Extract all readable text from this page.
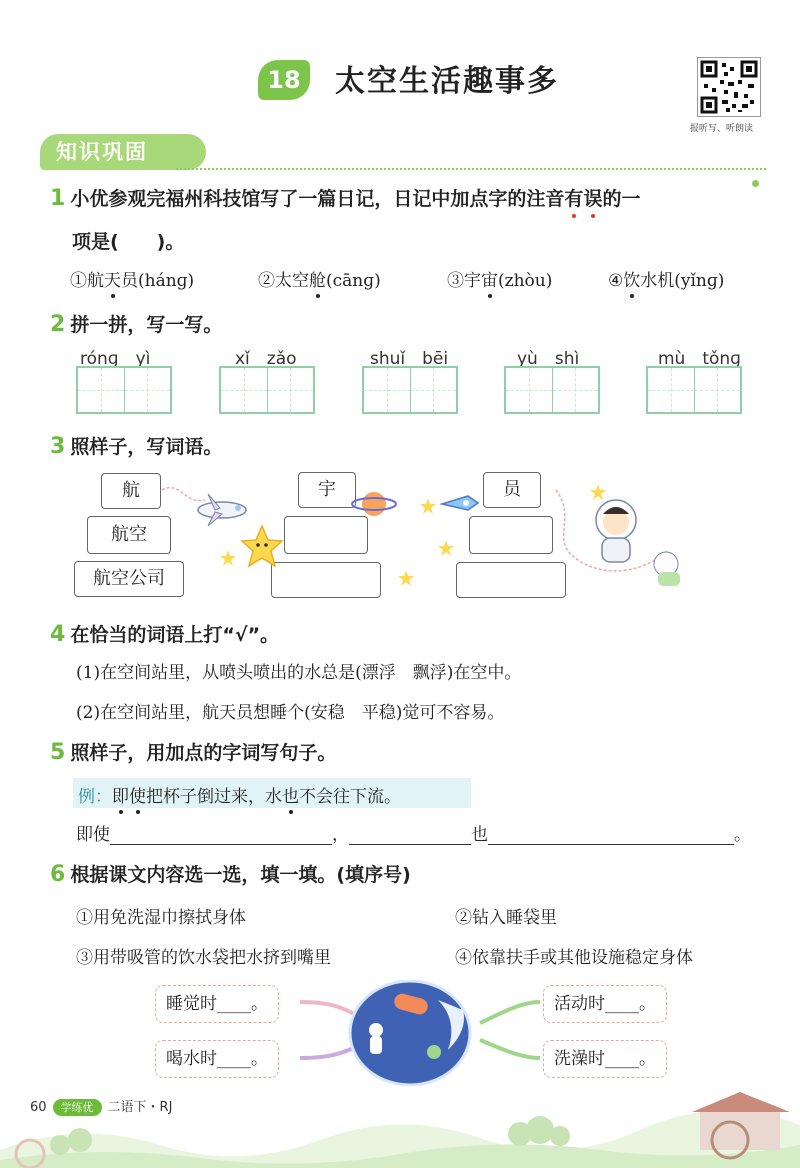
18	太空生活趣事多
报听写、听朗读
知识巩固
1 小优参观完福州科技馆写了一篇日记，日记中加点字的注音有误的一
项是(　　)。
①航天员(hánɡ)	②太空舱(cānɡ)	③宇宙(zhòu)	④饮水机(yǐnɡ)
2 拼一拼，写一写。
rónɡ　yì	xǐ　zǎo	shuǐ　bēi	yù　shì	mù　tǒnɡ
3 照样子，写词语。
航
航空
航空公司
宇	员
4 在恰当的词语上打“√”。
(1)在空间站里，从喷头喷出的水总是(漂浮　飘浮)在空中。
(2)在空间站里，航天员想睡个(安稳　平稳)觉可不容易。
5 照样子，用加点的字词写句子。
例：即使把杯子倒过来，水也不会往下流。
即使	，	也	。
6 根据课文内容选一选，填一填。(填序号)
①用免洗湿巾擦拭身体	②钻入睡袋里
③用带吸管的饮水袋把水挤到嘴里	④依靠扶手或其他设施稳定身体
睡觉时____。
喝水时____。
活动时____。
洗澡时____。
60 学练优 二语下・RJ
